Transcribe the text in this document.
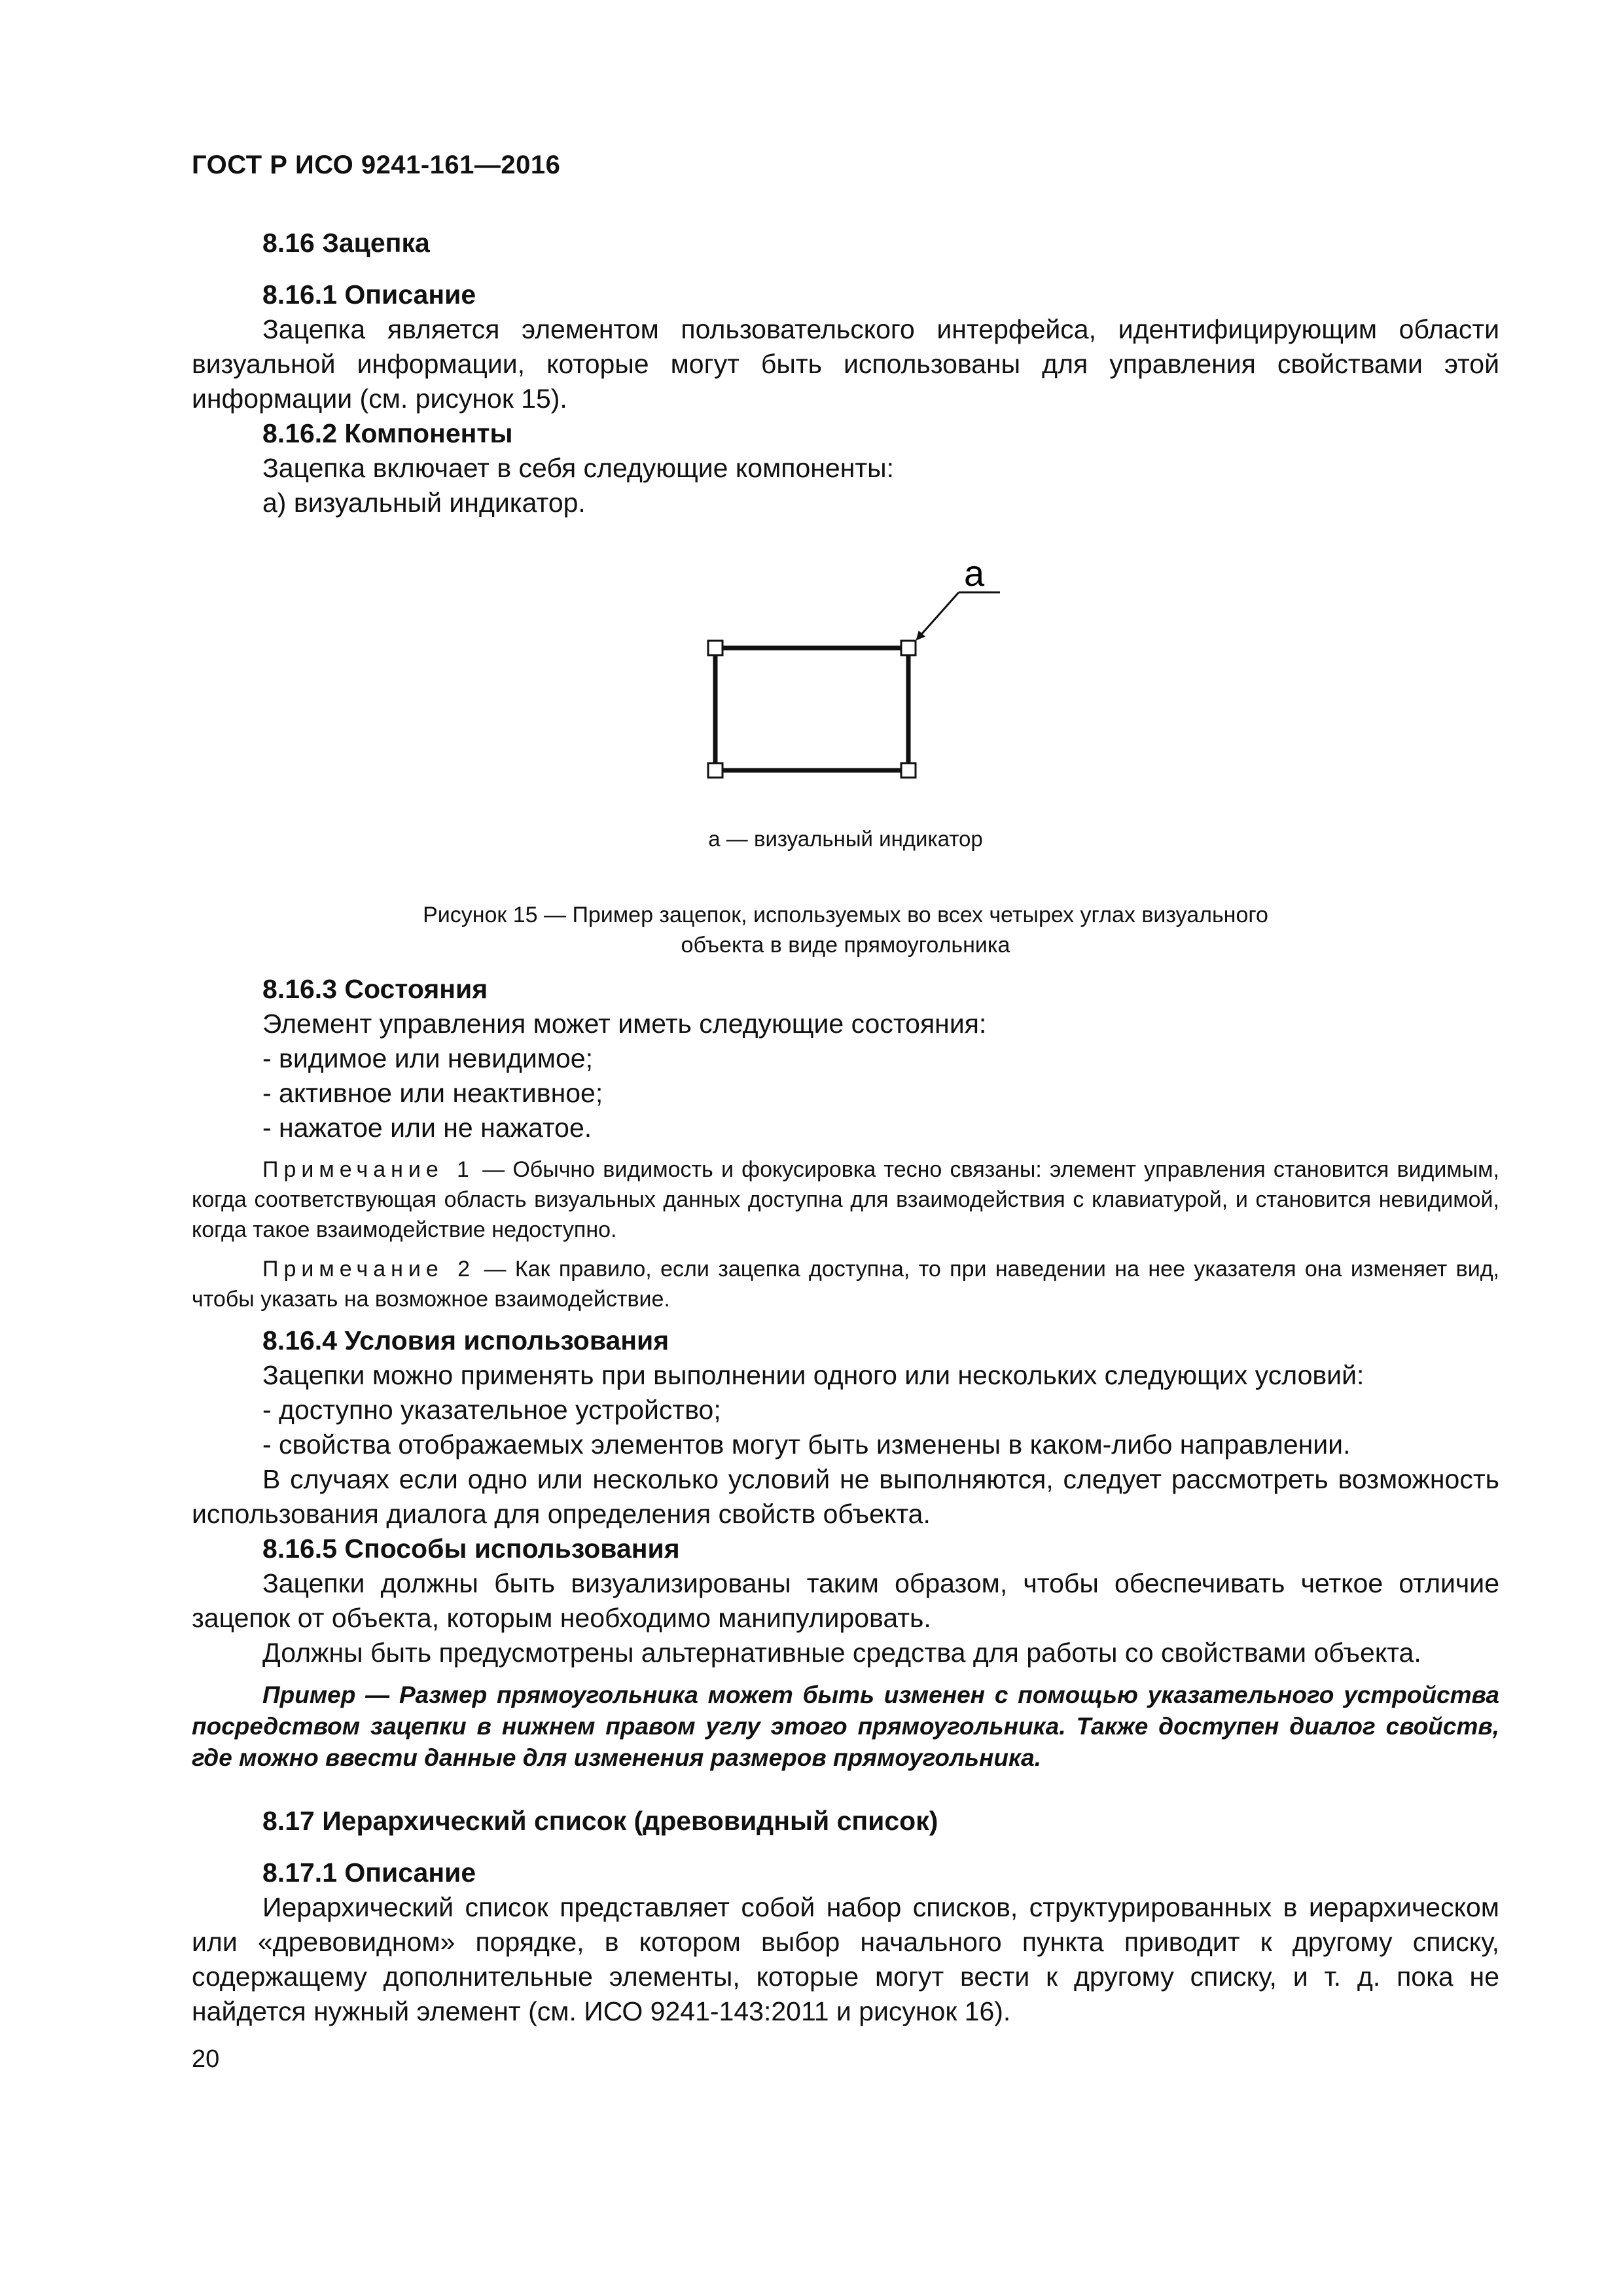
ГОСТ Р ИСО 9241-161—2016
8.16 Зацепка
8.16.1 Описание
Зацепка является элементом пользовательского интерфейса, идентифицирующим области визуальной информации, которые могут быть использованы для управления свойствами этой информации (см. рисунок 15).
8.16.2 Компоненты
Зацепка включает в себя следующие компоненты:
а) визуальный индикатор.
a
a — визуальный индикатор
Рисунок 15 — Пример зацепок, используемых во всех четырех углах визуального
объекта в виде прямоугольника
8.16.3 Состояния
Элемент управления может иметь следующие состояния:
- видимое или невидимое;
- активное или неактивное;
- нажатое или не нажатое.
Примечание 1 — Обычно видимость и фокусировка тесно связаны: элемент управления становится видимым, когда соответствующая область визуальных данных доступна для взаимодействия с клавиатурой, и становится невидимой, когда такое взаимодействие недоступно.
Примечание 2 — Как правило, если зацепка доступна, то при наведении на нее указателя она изменяет вид, чтобы указать на возможное взаимодействие.
8.16.4 Условия использования
Зацепки можно применять при выполнении одного или нескольких следующих условий:
- доступно указательное устройство;
- свойства отображаемых элементов могут быть изменены в каком-либо направлении.
В случаях если одно или несколько условий не выполняются, следует рассмотреть возможность использования диалога для определения свойств объекта.
8.16.5 Способы использования
Зацепки должны быть визуализированы таким образом, чтобы обеспечивать четкое отличие зацепок от объекта, которым необходимо манипулировать.
Должны быть предусмотрены альтернативные средства для работы со свойствами объекта.
Пример — Размер прямоугольника может быть изменен с помощью указательного устройства посредством зацепки в нижнем правом углу этого прямоугольника. Также доступен диалог свойств, где можно ввести данные для изменения размеров прямоугольника.
8.17 Иерархический список (древовидный список)
8.17.1 Описание
Иерархический список представляет собой набор списков, структурированных в иерархическом или «древовидном» порядке, в котором выбор начального пункта приводит к другому списку, содержащему дополнительные элементы, которые могут вести к другому списку, и т. д. пока не найдется нужный элемент (см. ИСО 9241-143:2011 и рисунок 16).
20
